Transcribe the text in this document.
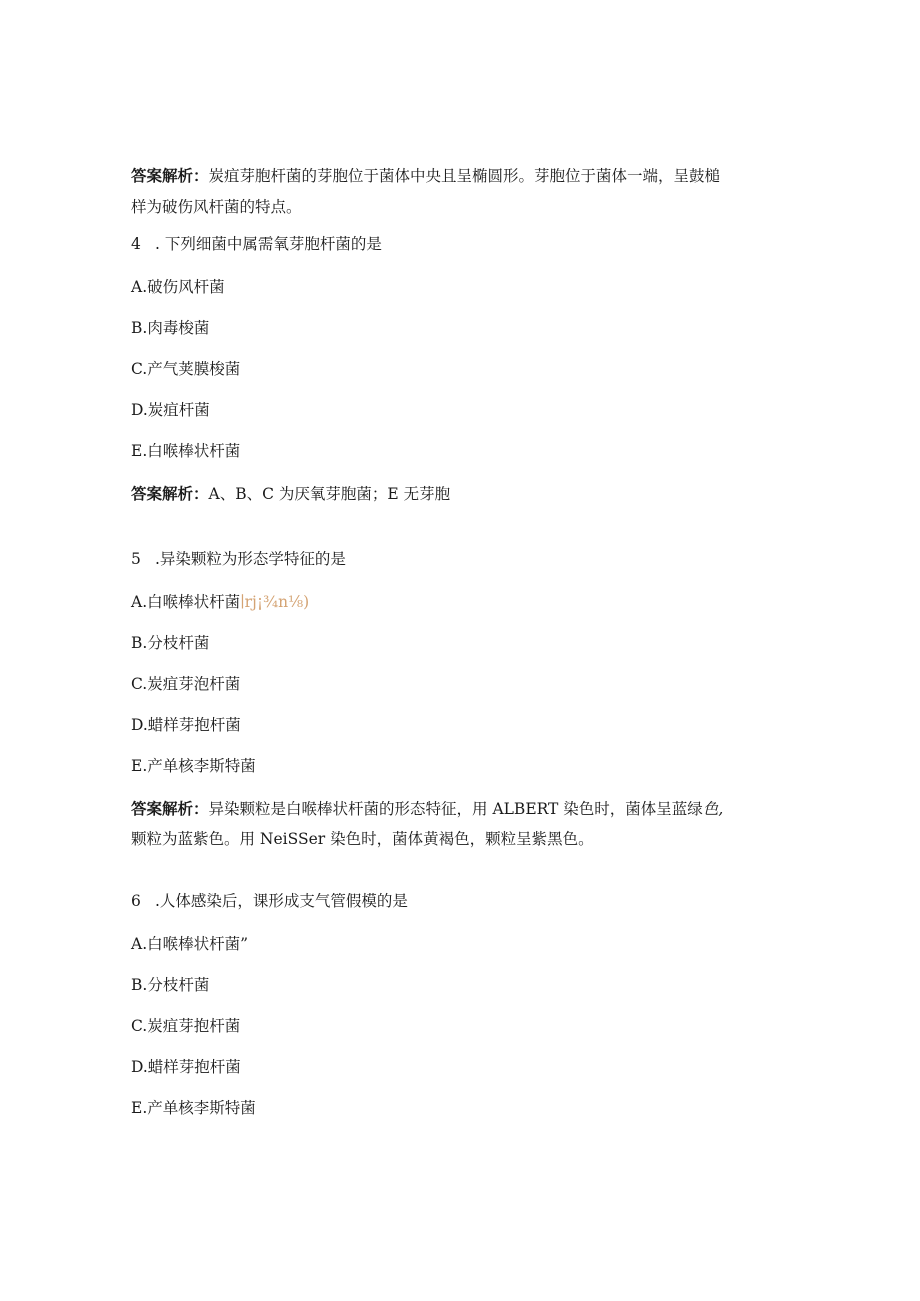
答案解析：炭疽芽胞杆菌的芽胞位于菌体中央且呈椭圆形。芽胞位于菌体一端，呈鼓槌
样为破伤风杆菌的特点。
4 . 下列细菌中属需氧芽胞杆菌的是
A.破伤风杆菌
B.肉毒梭菌
C.产气荚膜梭菌
D.炭疽杆菌
E.白喉棒状杆菌
答案解析：A、B、C 为厌氧芽胞菌；E 无芽胞
5 .异染颗粒为形态学特征的是
A.白喉棒状杆菌∣rj¡¾n⅛)
B.分枝杆菌
C.炭疽芽泡杆菌
D.蜡样芽抱杆菌
E.产单核李斯特菌
答案解析：异染颗粒是白喉棒状杆菌的形态特征，用 ALBERT 染色时，菌体呈蓝绿色,
颗粒为蓝紫色。用 NeiSSer 染色时，菌体黄褐色，颗粒呈紫黑色。
6 .人体感染后，课形成支气管假模的是
A.白喉棒状杆菌”
B.分枝杆菌
C.炭疽芽抱杆菌
D.蜡样芽抱杆菌
E.产单核李斯特菌
